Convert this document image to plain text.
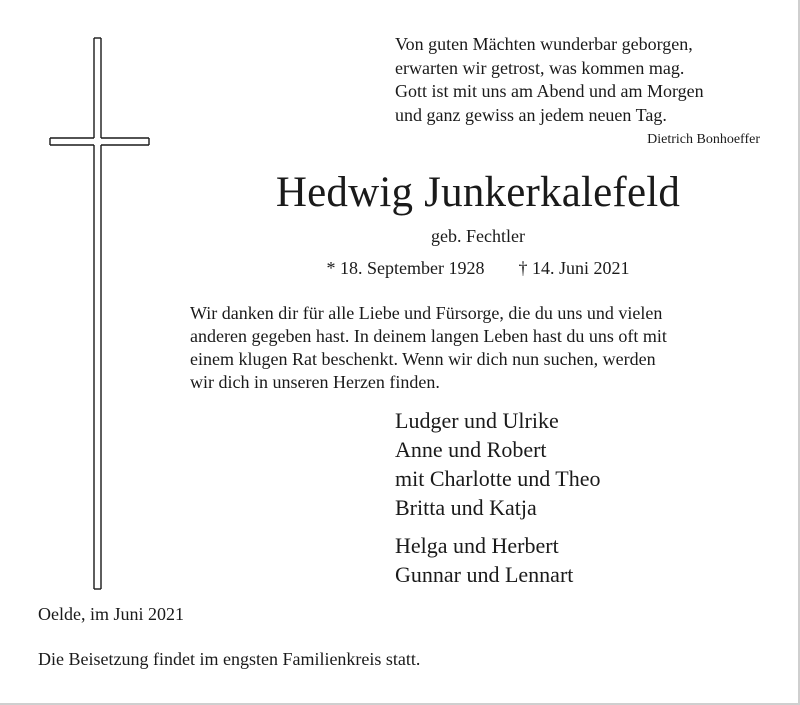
Von guten Mächten wunderbar geborgen,
erwarten wir getrost, was kommen mag.
Gott ist mit uns am Abend und am Morgen
und ganz gewiss an jedem neuen Tag.
Dietrich Bonhoeffer
Hedwig Junkerkalefeld
geb. Fechtler
* 18. September 1928 † 14. Juni 2021
Wir danken dir für alle Liebe und Fürsorge, die du uns und vielen
anderen gegeben hast. In deinem langen Leben hast du uns oft mit
einem klugen Rat beschenkt. Wenn wir dich nun suchen, werden
wir dich in unseren Herzen finden.
Ludger und Ulrike
Anne und Robert
mit Charlotte und Theo
Britta und Katja
Helga und Herbert
Gunnar und Lennart
Oelde, im Juni 2021
Die Beisetzung findet im engsten Familienkreis statt.
